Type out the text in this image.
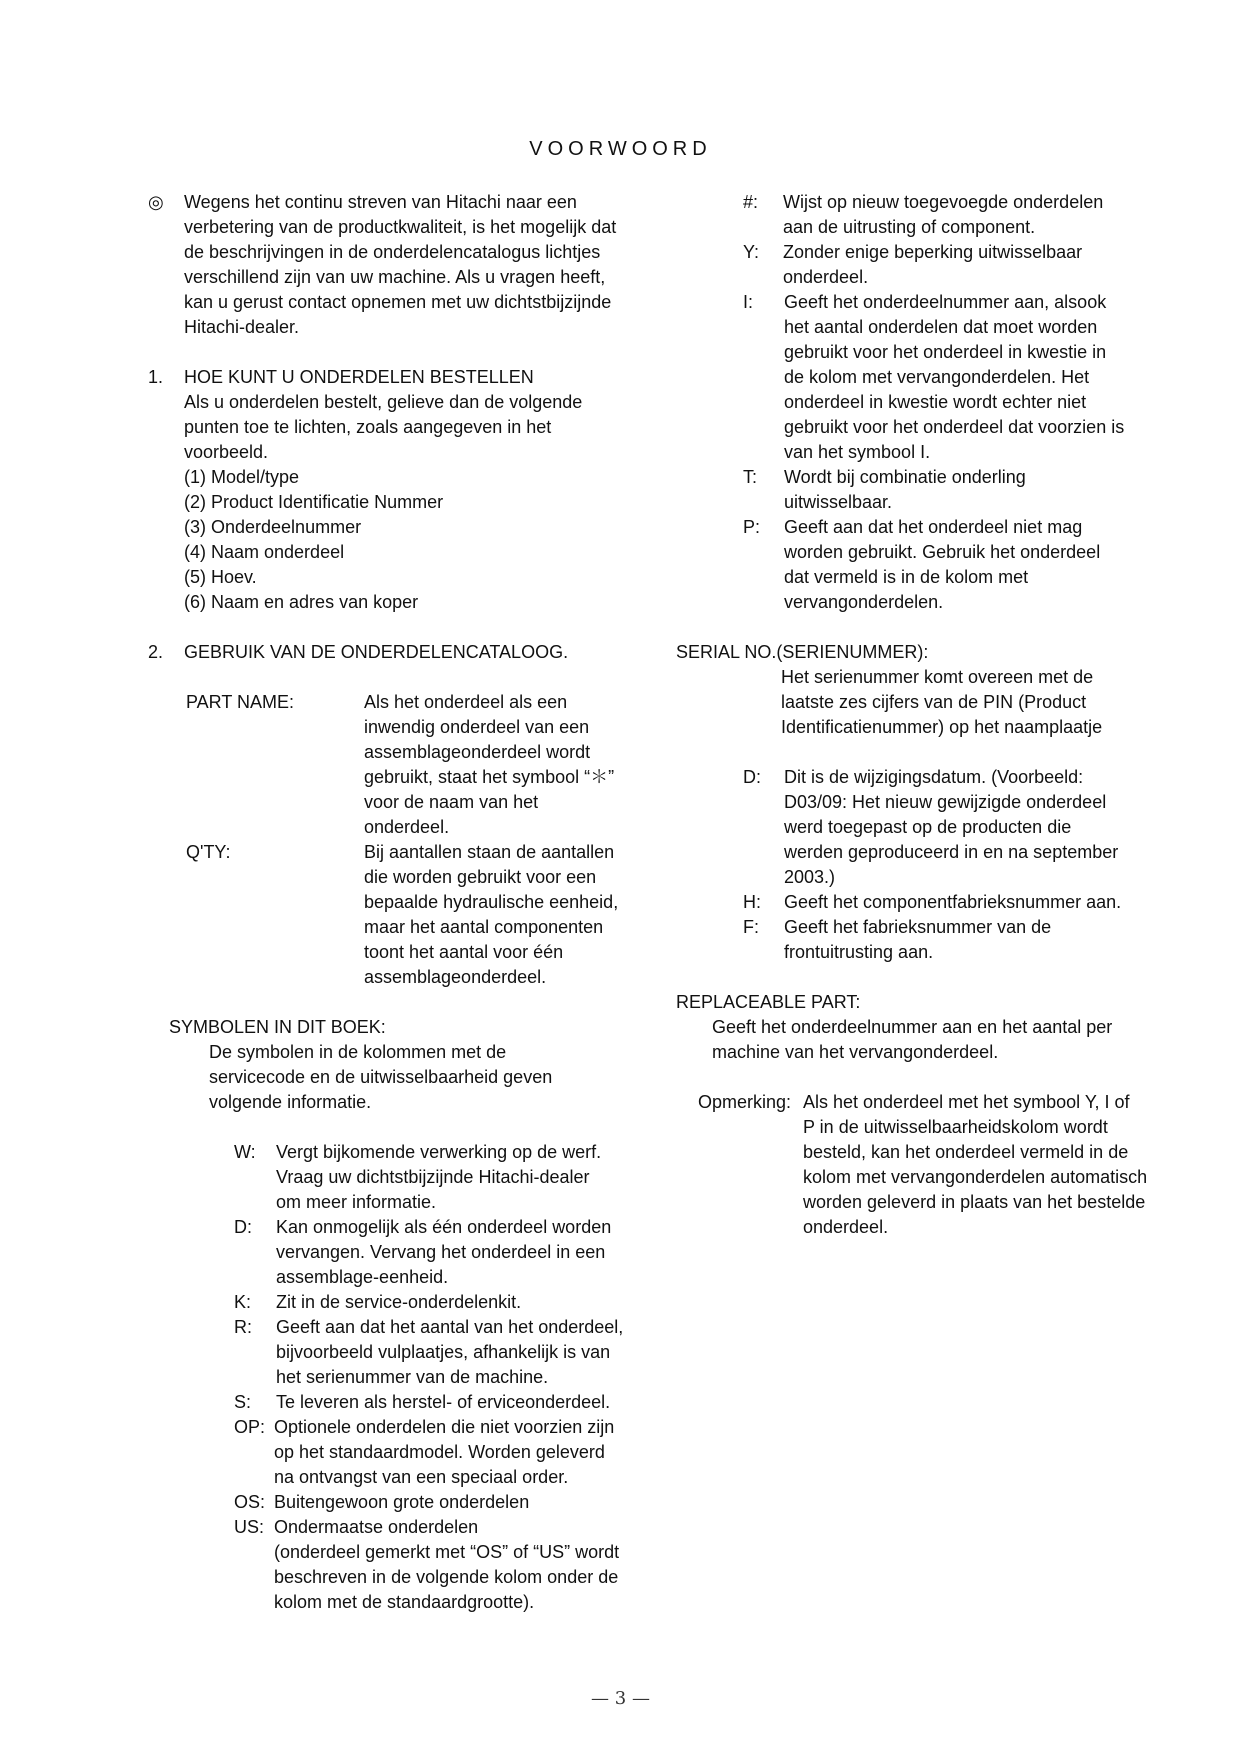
VOORWOORD
◎	Wegens het continu streven van Hitachi naar een
verbetering van de productkwaliteit, is het mogelijk dat
de beschrijvingen in de onderdelencatalogus lichtjes
verschillend zijn van uw machine. Als u vragen heeft,
kan u gerust contact opnemen met uw dichtstbijzijnde
Hitachi-dealer.
1.	HOE KUNT U ONDERDELEN BESTELLEN
Als u onderdelen bestelt, gelieve dan de volgende
punten toe te lichten, zoals aangegeven in het
voorbeeld.
(1) Model/type
(2) Product Identificatie Nummer
(3) Onderdeelnummer
(4) Naam onderdeel
(5) Hoev.
(6) Naam en adres van koper
2.	GEBRUIK VAN DE ONDERDELENCATALOOG.
PART NAME:	Als het onderdeel als een
inwendig onderdeel van een
assemblageonderdeel wordt
gebruikt, staat het symbool “＊”
voor de naam van het
onderdeel.
Q'TY:	Bij aantallen staan de aantallen
die worden gebruikt voor een
bepaalde hydraulische eenheid,
maar het aantal componenten
toont het aantal voor één
assemblageonderdeel.
SYMBOLEN IN DIT BOEK:
De symbolen in de kolommen met de
servicecode en de uitwisselbaarheid geven
volgende informatie.
W:	Vergt bijkomende verwerking op de werf.
Vraag uw dichtstbijzijnde Hitachi-dealer
om meer informatie.
D:	Kan onmogelijk als één onderdeel worden
vervangen. Vervang het onderdeel in een
assemblage-eenheid.
K:	Zit in de service-onderdelenkit.
R:	Geeft aan dat het aantal van het onderdeel,
bijvoorbeeld vulplaatjes, afhankelijk is van
het serienummer van de machine.
S:	Te leveren als herstel- of erviceonderdeel.
OP: Optionele onderdelen die niet voorzien zijn
op het standaardmodel. Worden geleverd
na ontvangst van een speciaal order.
OS: Buitengewoon grote onderdelen
US: Ondermaatse onderdelen
(onderdeel gemerkt met “OS” of “US” wordt
beschreven in de volgende kolom onder de
kolom met de standaardgrootte).
#:	Wijst op nieuw toegevoegde onderdelen
aan de uitrusting of component.
Y:	Zonder enige beperking uitwisselbaar
onderdeel.
I:	Geeft het onderdeelnummer aan, alsook
het aantal onderdelen dat moet worden
gebruikt voor het onderdeel in kwestie in
de kolom met vervangonderdelen. Het
onderdeel in kwestie wordt echter niet
gebruikt voor het onderdeel dat voorzien is
van het symbool I.
T:	Wordt bij combinatie onderling
uitwisselbaar.
P:	Geeft aan dat het onderdeel niet mag
worden gebruikt. Gebruik het onderdeel
dat vermeld is in de kolom met
vervangonderdelen.
SERIAL NO.(SERIENUMMER):
Het serienummer komt overeen met de
laatste zes cijfers van de PIN (Product
Identificatienummer) op het naamplaatje
D:	Dit is de wijzigingsdatum. (Voorbeeld:
D03/09: Het nieuw gewijzigde onderdeel
werd toegepast op de producten die
werden geproduceerd in en na september
2003.)
H:	Geeft het componentfabrieksnummer aan.
F:	Geeft het fabrieksnummer van de
frontuitrusting aan.
REPLACEABLE PART:
Geeft het onderdeelnummer aan en het aantal per
machine van het vervangonderdeel.
Opmerking: Als het onderdeel met het symbool Y, I of
P in de uitwisselbaarheidskolom wordt
besteld, kan het onderdeel vermeld in de
kolom met vervangonderdelen automatisch
worden geleverd in plaats van het bestelde
onderdeel.
— 3 —
